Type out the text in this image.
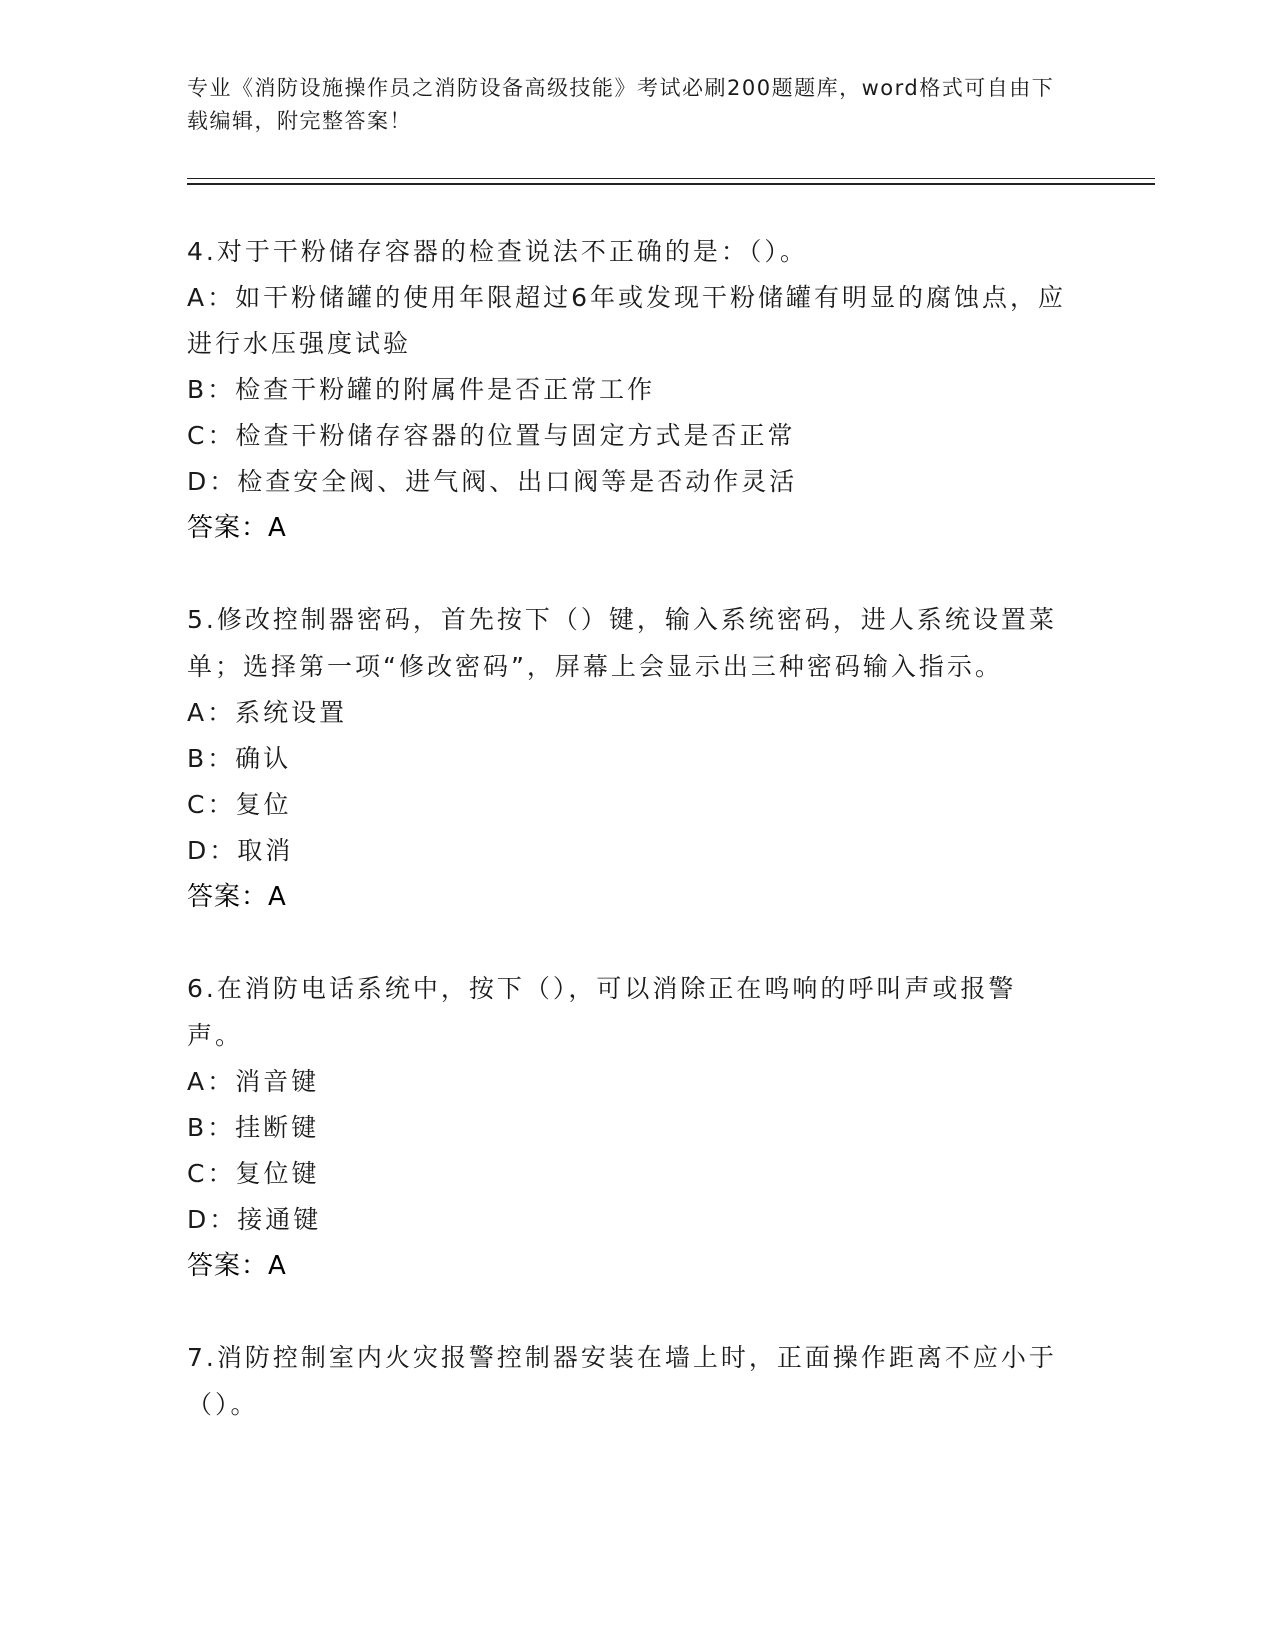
专业《消防设施操作员之消防设备高级技能》考试必刷200题题库，word格式可自由下载编辑，附完整答案！
4.对于干粉储存容器的检查说法不正确的是：（）。
A：如干粉储罐的使用年限超过6年或发现干粉储罐有明显的腐蚀点，应进行水压强度试验
B：检查干粉罐的附属件是否正常工作
C：检查干粉储存容器的位置与固定方式是否正常
D：检查安全阀、进气阀、出口阀等是否动作灵活
答案：A
5.修改控制器密码，首先按下（）键，输入系统密码，进人系统设置菜单；选择第一项“修改密码”，屏幕上会显示出三种密码输入指示。
A：系统设置
B：确认
C：复位
D：取消
答案：A
6.在消防电话系统中，按下（），可以消除正在鸣响的呼叫声或报警声。
A：消音键
B：挂断键
C：复位键
D：接通键
答案：A
7.消防控制室内火灾报警控制器安装在墙上时，正面操作距离不应小于（）。
